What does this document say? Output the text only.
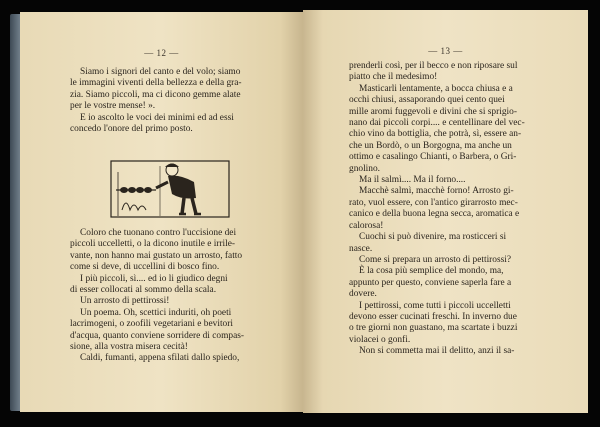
— 12 —

Siamo i signori del canto e del volo; siamo

le immagini viventi della bellezza e della gra-

zia. Siamo piccoli, ma ci dicono gemme alate

per le vostre mense! ».

E io ascolto le voci dei minimi ed ad essi

concedo l'onore del primo posto.

Coloro che tuonano contro l'uccisione dei

piccoli uccelletti, o la dicono inutile e irrile-

vante, non hanno mai gustato un arrosto, fatto

come si deve, di uccellini di bosco fino.

I più piccoli, sì.... ed io li giudico degni

di esser collocati al sommo della scala.

Un arrosto di pettirossi!

Un poema. Oh, scettici induriti, oh poeti

lacrimogeni, o zoofili vegetariani e bevitori

d'acqua, quanto conviene sorridere di compas-

sione, alla vostra misera cecità!

Caldi, fumanti, appena sfilati dallo spiedo,

— 13 —

prenderli così, per il becco e non riposare sul

piatto che il medesimo!

Masticarli lentamente, a bocca chiusa e a

occhi chiusi, assaporando quei cento quei

mille aromi fuggevoli e divini che si sprigio-

nano dai piccoli corpi.... e centellinare del vec-

chio vino da bottiglia, che potrà, sì, essere an-

che un Bordò, o un Borgogna, ma anche un

ottimo e casalingo Chianti, o Barbera, o Gri-

gnolino.

Ma il salmì.... Ma il forno....

Macchè salmì, macchè forno! Arrosto gi-

rato, vuol essere, con l'antico girarrosto mec-

canico e della buona legna secca, aromatica e

calorosa!

Cuochi si può divenire, ma rosticceri si

nasce.

Come si prepara un arrosto di pettirossi?

È la cosa più semplice del mondo, ma,

appunto per questo, conviene saperla fare a

dovere.

I pettirossi, come tutti i piccoli uccelletti

devono esser cucinati freschi. In inverno due

o tre giorni non guastano, ma scartate i buzzi

violacei o gonfi.

Non si commetta mai il delitto, anzi il sa-
